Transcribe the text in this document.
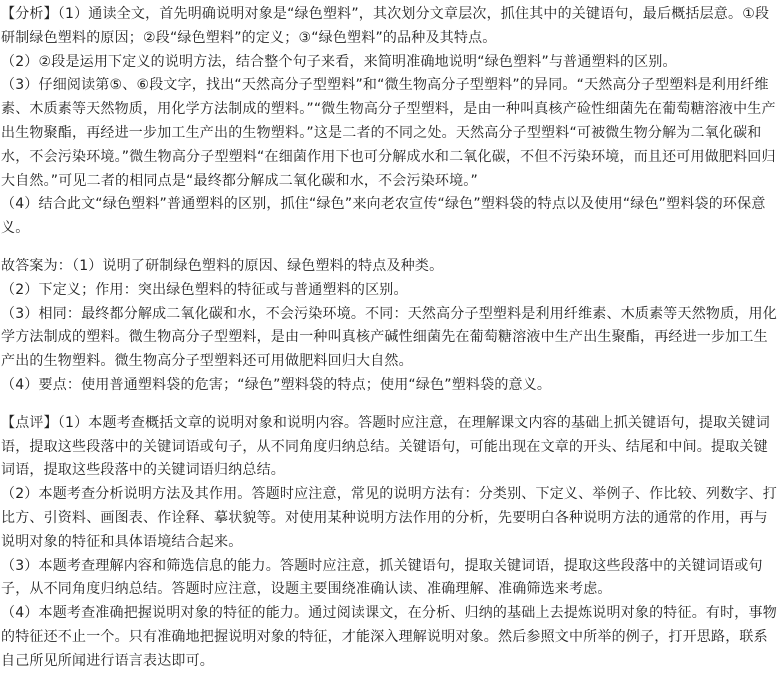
【分析】（1）通读全文，首先明确说明对象是“绿色塑料”，其次划分文章层次，抓住其中的关键语句，最后概括层意。①段研制绿色塑料的原因；②段“绿色塑料”的定义；③“绿色塑料”的品种及其特点。

（2）②段是运用下定义的说明方法，结合整个句子来看，来简明准确地说明“绿色塑料”与普通塑料的区别。

（3）仔细阅读第⑤、⑥段文字，找出“天然高分子型塑料”和“微生物高分子型塑料”的异同。“天然高分子型塑料是利用纤维素、木质素等天然物质，用化学方法制成的塑料。”“微生物高分子型塑料，是由一种叫真核产硷性细菌先在葡萄糖溶液中生产出生物聚酯，再经进一步加工生产出的生物塑料。”这是二者的不同之处。天然高分子型塑料“可被微生物分解为二氧化碳和水，不会污染环境。”微生物高分子型塑料“在细菌作用下也可分解成水和二氧化碳，不但不污染环境，而且还可用做肥料回归大自然。”可见二者的相同点是“最终都分解成二氧化碳和水，不会污染环境。”

（4）结合此文“绿色塑料”普通塑料的区别，抓住“绿色”来向老农宣传“绿色”塑料袋的特点以及使用“绿色”塑料袋的环保意义。

故答案为：（1）说明了研制绿色塑料的原因、绿色塑料的特点及种类。

（2）下定义；作用：突出绿色塑料的特征或与普通塑料的区别。

（3）相同：最终都分解成二氧化碳和水，不会污染环境。不同：天然高分子型塑料是利用纤维素、木质素等天然物质，用化学方法制成的塑料。微生物高分子型塑料，是由一种叫真核产碱性细菌先在葡萄糖溶液中生产出生聚酯，再经进一步加工生产出的生物塑料。微生物高分子型塑料还可用做肥料回归大自然。

（4）要点：使用普通塑料袋的危害；“绿色”塑料袋的特点；使用“绿色”塑料袋的意义。

【点评】（1）本题考查概括文章的说明对象和说明内容。答题时应注意，在理解课文内容的基础上抓关键语句，提取关键词语，提取这些段落中的关键词语或句子，从不同角度归纳总结。关键语句，可能出现在文章的开头、结尾和中间。提取关键词语，提取这些段落中的关键词语归纳总结。

（2）本题考查分析说明方法及其作用。答题时应注意，常见的说明方法有：分类别、下定义、举例子、作比较、列数字、打比方、引资料、画图表、作诠释、摹状貌等。对使用某种说明方法作用的分析，先要明白各种说明方法的通常的作用，再与说明对象的特征和具体语境结合起来。

（3）本题考查理解内容和筛选信息的能力。答题时应注意，抓关键语句，提取关键词语，提取这些段落中的关键词语或句子，从不同角度归纳总结。答题时应注意，设题主要围绕准确认读、准确理解、准确筛选来考虑。

（4）本题考查准确把握说明对象的特征的能力。通过阅读课文，在分析、归纳的基础上去提炼说明对象的特征。有时，事物的特征还不止一个。只有准确地把握说明对象的特征，才能深入理解说明对象。然后参照文中所举的例子，打开思路，联系自己所见所闻进行语言表达即可。
